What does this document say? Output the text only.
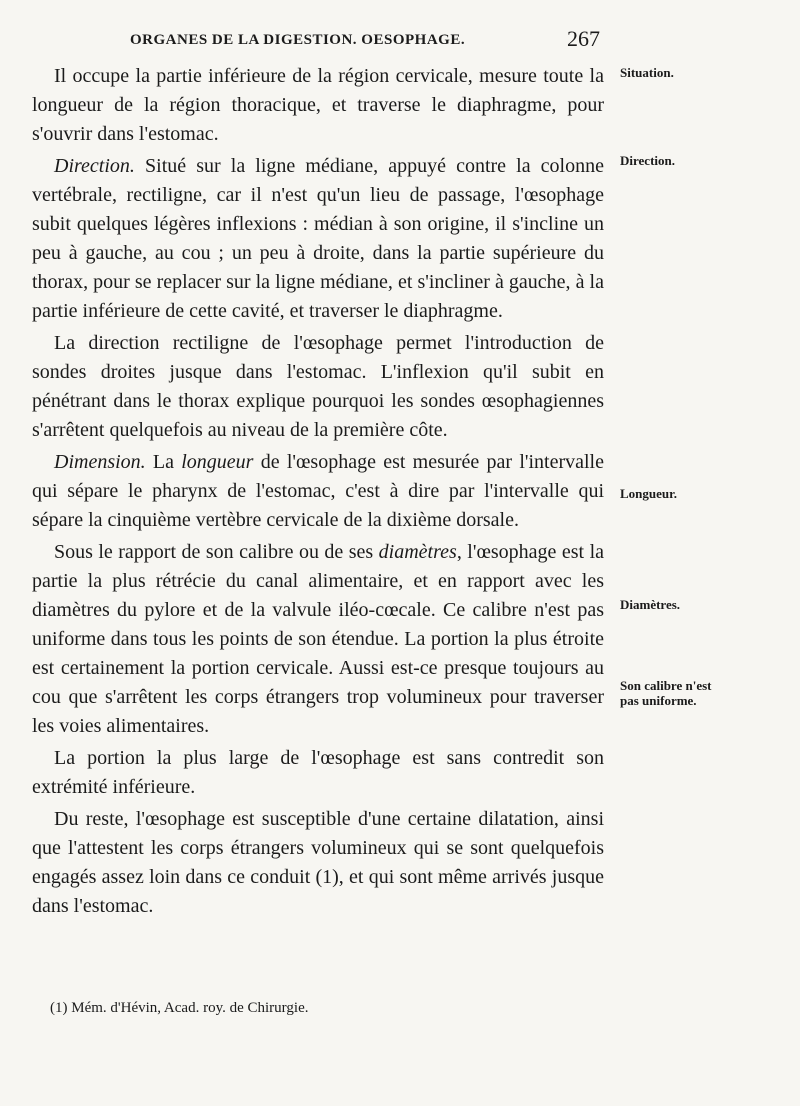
ORGANES DE LA DIGESTION. OESOPHAGE.	267

Il occupe la partie inférieure de la région cervicale, mesure toute la longueur de la région thoracique, et traverse le diaphragme, pour s'ouvrir dans l'estomac.

Direction. Situé sur la ligne médiane, appuyé contre la colonne vertébrale, rectiligne, car il n'est qu'un lieu de passage, l'œsophage subit quelques légères inflexions : médian à son origine, il s'incline un peu à gauche, au cou ; un peu à droite, dans la partie supérieure du thorax, pour se replacer sur la ligne médiane, et s'incliner à gauche, à la partie inférieure de cette cavité, et traverser le diaphragme.

La direction rectiligne de l'œsophage permet l'introduction de sondes droites jusque dans l'estomac. L'inflexion qu'il subit en pénétrant dans le thorax explique pourquoi les sondes œsophagiennes s'arrêtent quelquefois au niveau de la première côte.

Dimension. La longueur de l'œsophage est mesurée par l'intervalle qui sépare le pharynx de l'estomac, c'est à dire par l'intervalle qui sépare la cinquième vertèbre cervicale de la dixième dorsale.

Sous le rapport de son calibre ou de ses diamètres, l'œsophage est la partie la plus rétrécie du canal alimentaire, et en rapport avec les diamètres du pylore et de la valvule iléo-cœcale. Ce calibre n'est pas uniforme dans tous les points de son étendue. La portion la plus étroite est certainement la portion cervicale. Aussi est-ce presque toujours au cou que s'arrêtent les corps étrangers trop volumineux pour traverser les voies alimentaires.

La portion la plus large de l'œsophage est sans contredit son extrémité inférieure.

Du reste, l'œsophage est susceptible d'une certaine dilatation, ainsi que l'attestent les corps étrangers volumineux qui se sont quelquefois engagés assez loin dans ce conduit (1), et qui sont même arrivés jusque dans l'estomac.

Situation.
Direction.
Longueur.
Diamètres.
Son calibre n'est pas uniforme.
(1) Mém. d'Hévin, Acad. roy. de Chirurgie.
